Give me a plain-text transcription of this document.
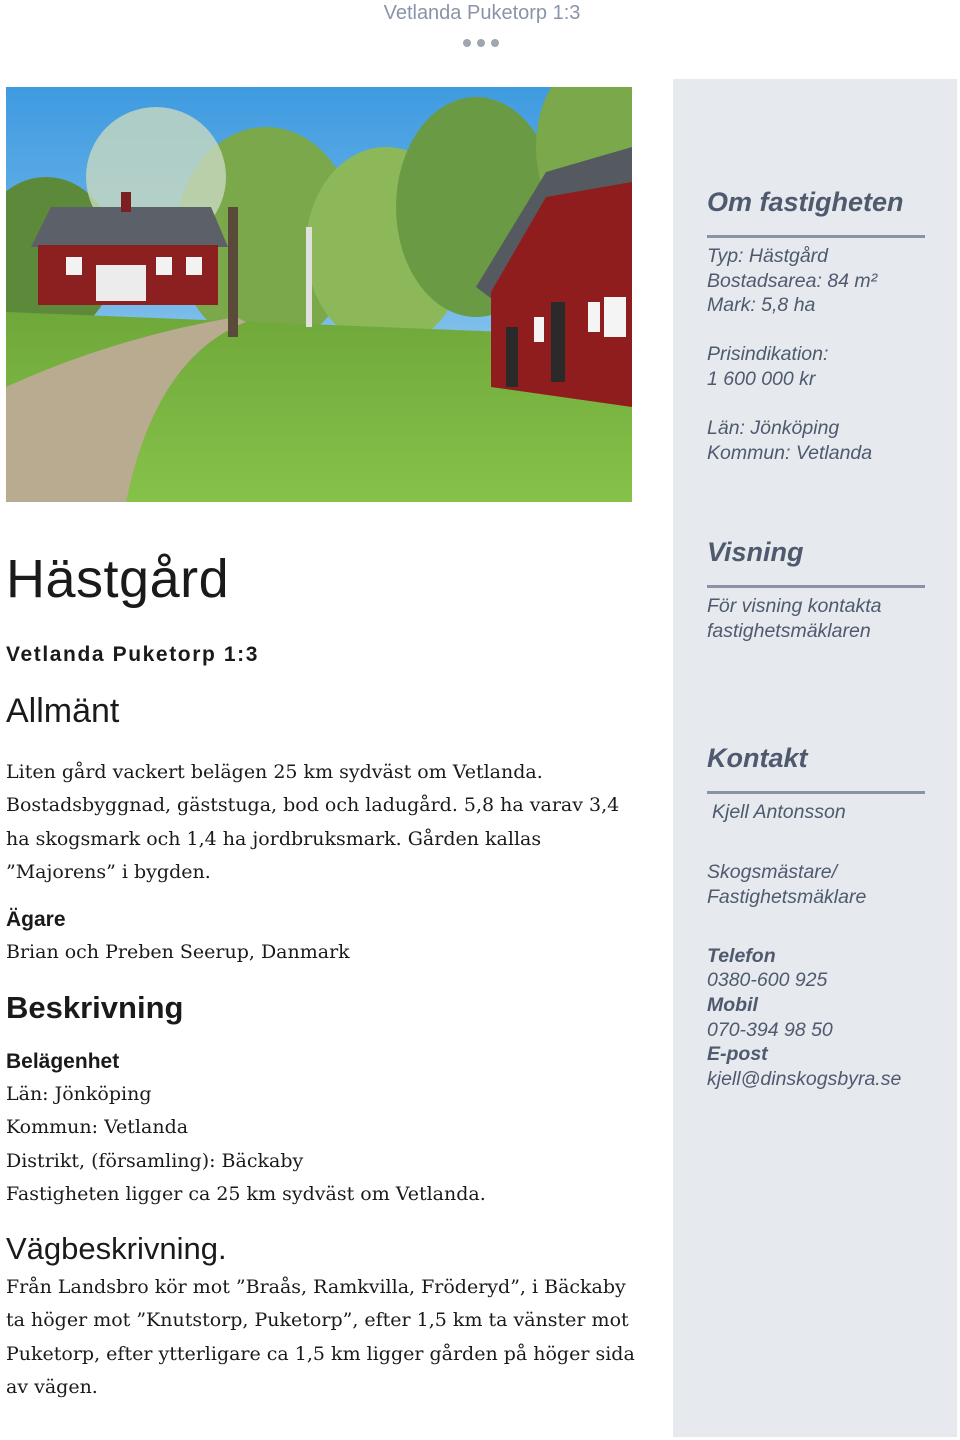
Vetlanda Puketorp 1:3
Hästgård
Vetlanda Puketorp 1:3
Allmänt

Liten gård vackert belägen 25 km sydväst om Vetlanda. Bostadsbyggnad, gäststuga, bod och ladugård. 5,8 ha varav 3,4 ha skogsmark och 1,4 ha jordbruksmark. Gården kallas ”Majorens” i bygden.

Ägare

Brian och Preben Seerup, Danmark

Beskrivning
Belägenhet
Län: Jönköping
Kommun: Vetlanda
Distrikt, (församling): Bäckaby
Fastigheten ligger ca 25 km sydväst om Vetlanda.
Vägbeskrivning.

Från Landsbro kör mot ”Braås, Ramkvilla, Fröderyd”, i Bäckaby ta höger mot ”Knutstorp, Puketorp”, efter 1,5 km ta vänster mot Puketorp, efter ytterligare ca 1,5 km ligger gården på höger sida av vägen.

Om fastigheten
Typ: Hästgård
Bostadsarea: 84 m²
Mark: 5,8 ha
Prisindikation:
1 600 000 kr
Län: Jönköping
Kommun: Vetlanda
Visning
För visning kontakta
fastighetsmäklaren
Kontakt
Kjell Antonsson
Skogsmästare/
Fastighetsmäklare
Telefon
0380-600 925
Mobil
070-394 98 50
E-post
kjell@dinskogsbyra.se
